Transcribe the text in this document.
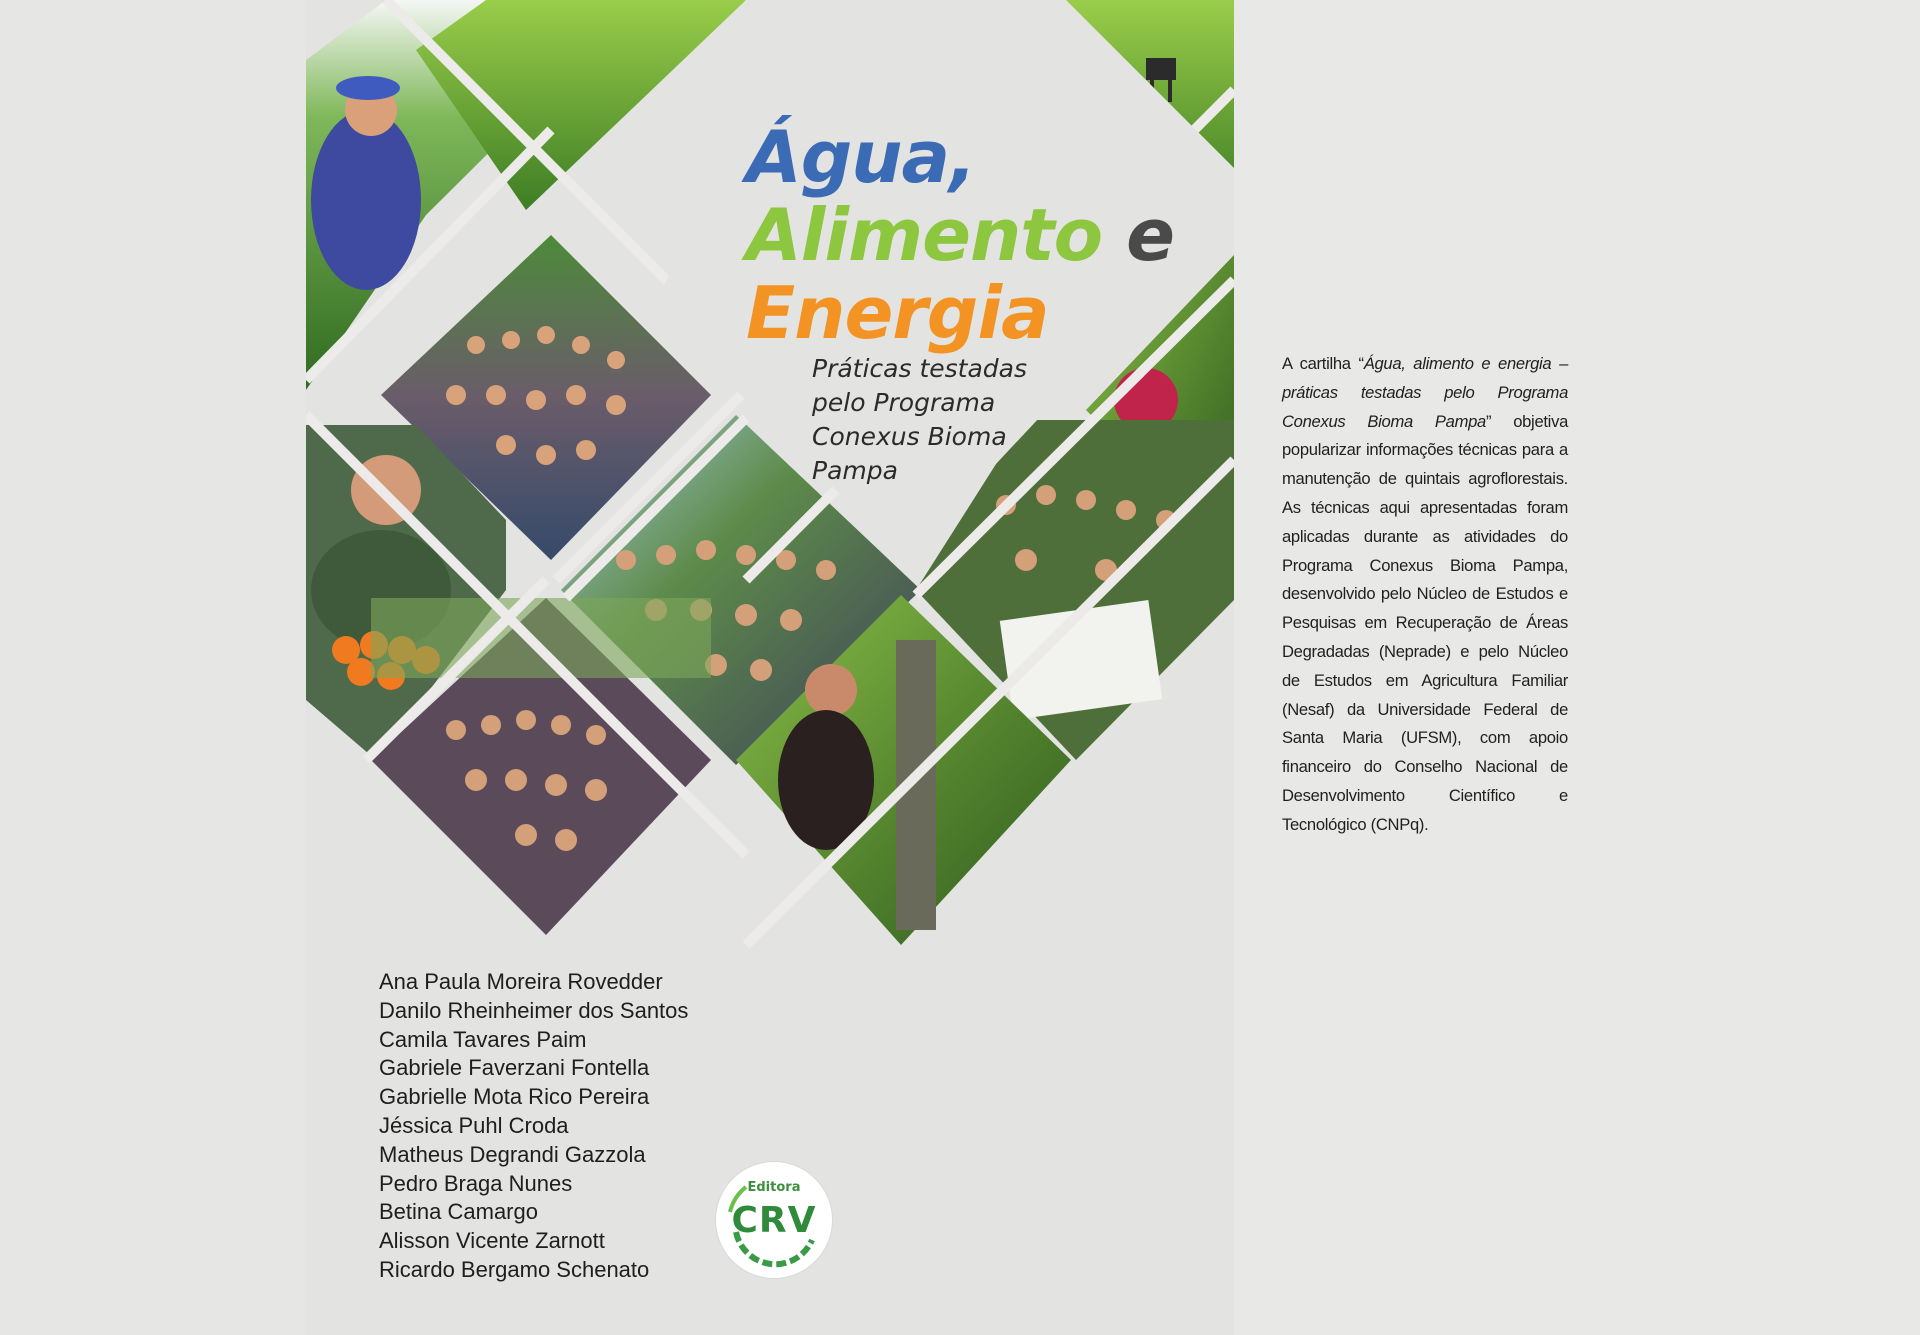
Água,
Alimento e
Energia
Práticas testadas
pelo Programa
Conexus Bioma
Pampa
Ana Paula Moreira Rovedder
Danilo Rheinheimer dos Santos
Camila Tavares Paim
Gabriele Faverzani Fontella
Gabrielle Mota Rico Pereira
Jéssica Puhl Croda
Matheus Degrandi Gazzola
Pedro Braga Nunes
Betina Camargo
Alisson Vicente Zarnott
Ricardo Bergamo Schenato
Editora
CRV
A cartilha “Água, alimento e energia – práticas testadas pelo Programa Conexus Bioma Pampa” objetiva popularizar informações técnicas para a manutenção de quintais agroflorestais. As técnicas aqui apresentadas foram aplicadas durante as atividades do Programa Conexus Bioma Pampa, desenvolvido pelo Núcleo de Estudos e Pesquisas em Recuperação de Áreas Degradadas (Neprade) e pelo Núcleo de Estudos em Agricultura Familiar (Nesaf) da Universidade Federal de Santa Maria (UFSM), com apoio financeiro do Conselho Nacional de Desenvolvimento Científico e Tecnológico (CNPq).
